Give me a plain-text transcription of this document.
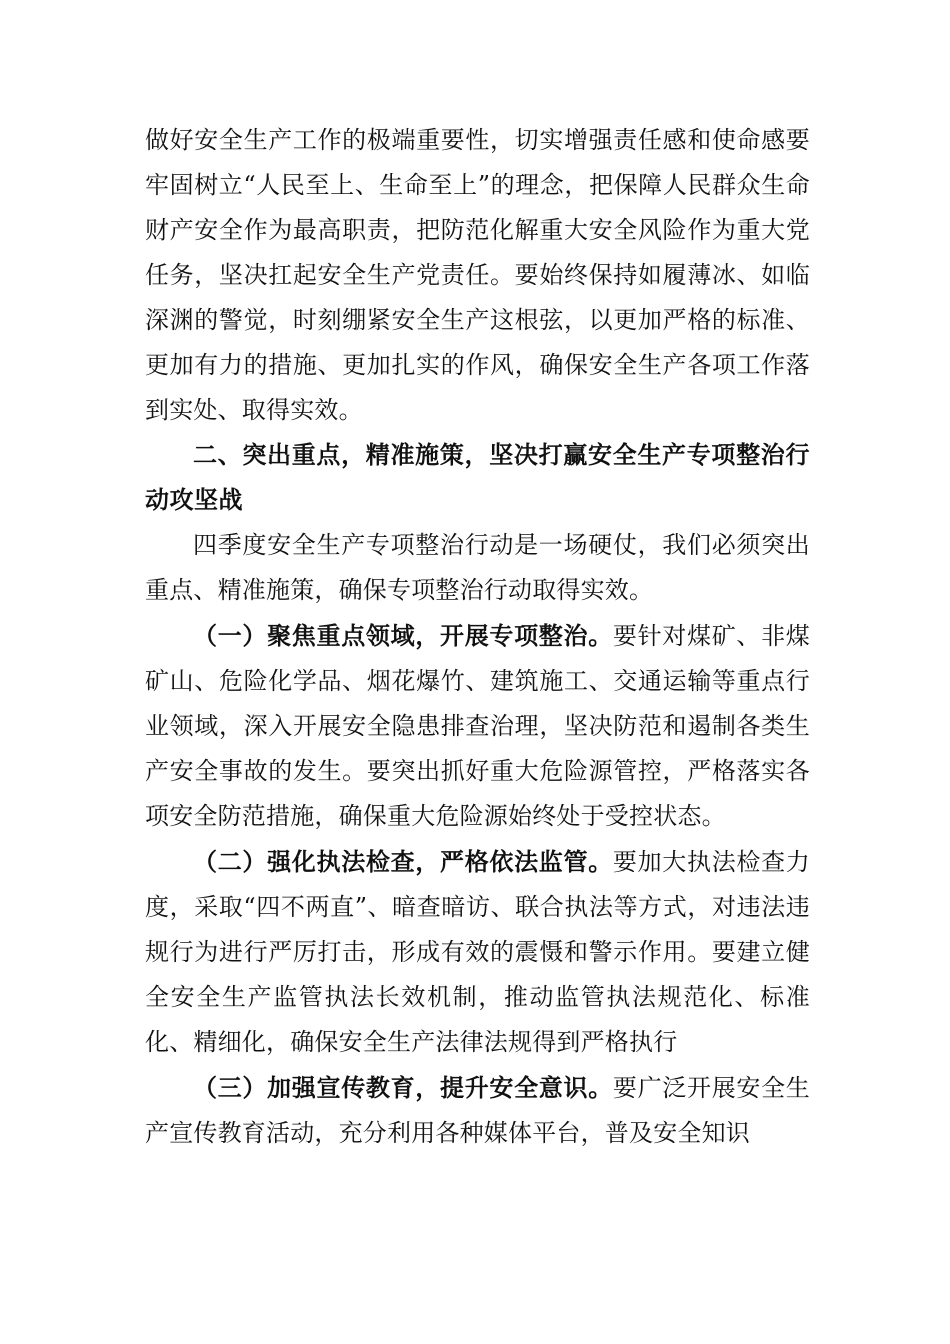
做好安全生产工作的极端重要性，切实增强责任感和使命感要牢固树立“人民至上、生命至上”的理念，把保障人民群众生命财产安全作为最高职责，把防范化解重大安全风险作为重大党任务，坚决扛起安全生产党责任。要始终保持如履薄冰、如临深渊的警觉，时刻绷紧安全生产这根弦，以更加严格的标准、更加有力的措施、更加扎实的作风，确保安全生产各项工作落到实处、取得实效。

二、突出重点，精准施策，坚决打赢安全生产专项整治行动攻坚战

四季度安全生产专项整治行动是一场硬仗，我们必须突出重点、精准施策，确保专项整治行动取得实效。

（一）聚焦重点领域，开展专项整治。要针对煤矿、非煤矿山、危险化学品、烟花爆竹、建筑施工、交通运输等重点行业领域，深入开展安全隐患排查治理，坚决防范和遏制各类生产安全事故的发生。要突出抓好重大危险源管控，严格落实各项安全防范措施，确保重大危险源始终处于受控状态。

（二）强化执法检查，严格依法监管。要加大执法检查力度，采取“四不两直”、暗查暗访、联合执法等方式，对违法违规行为进行严厉打击，形成有效的震慑和警示作用。要建立健全安全生产监管执法长效机制，推动监管执法规范化、标准化、精细化，确保安全生产法律法规得到严格执行

（三）加强宣传教育，提升安全意识。要广泛开展安全生产宣传教育活动，充分利用各种媒体平台，普及安全知识
